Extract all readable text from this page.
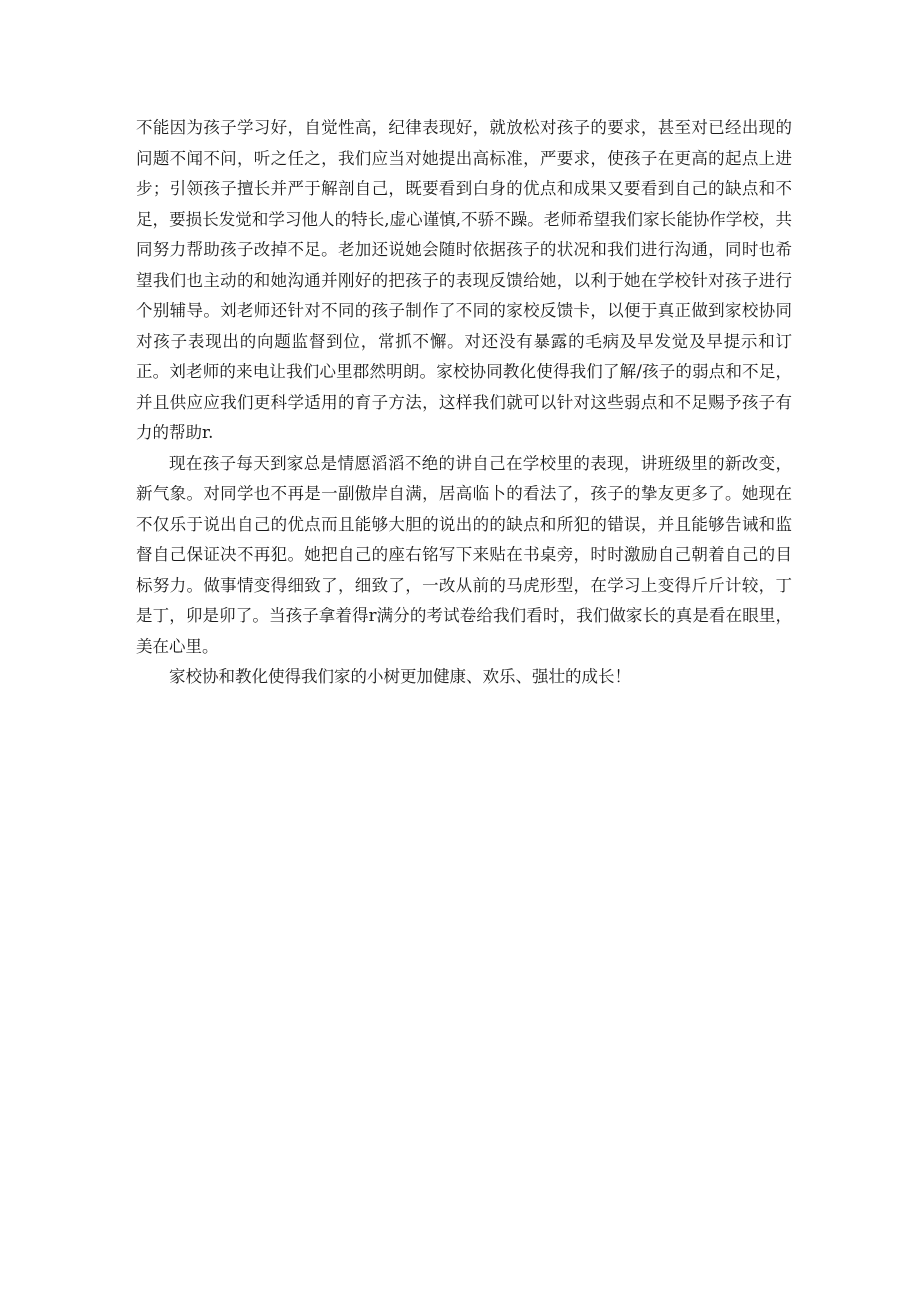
不能因为孩子学习好，自觉性高，纪律表现好，就放松对孩子的要求，甚至对已经出现的问题不闻不问，听之任之，我们应当对她提出高标准，严要求，使孩子在更高的起点上进步；引领孩子擅长并严于解剖自己，既要看到白身的优点和成果又要看到自己的缺点和不足，要损长发觉和学习他人的特长,虚心谨慎,不骄不躁。老师希望我们家长能协作学校，共同努力帮助孩子改掉不足。老加还说她会随时依据孩子的状况和我们进行沟通，同时也希望我们也主动的和她沟通并刚好的把孩子的表现反馈给她，以利于她在学校针对孩子进行个别辅导。刘老师还针对不同的孩子制作了不同的家校反馈卡，以便于真正做到家校协同对孩子表现出的向题监督到位，常抓不懈。对还没有暴露的毛病及早发觉及早提示和订正。刘老师的来电让我们心里郡然明朗。家校协同教化使得我们了解/孩子的弱点和不足，并且供应应我们更科学适用的育子方法，这样我们就可以针对这些弱点和不足赐予孩子有力的帮助r.

现在孩子每天到家总是情愿滔滔不绝的讲自己在学校里的表现，讲班级里的新改变，新气象。对同学也不再是一副傲岸自满，居高临卜的看法了，孩子的挚友更多了。她现在不仅乐于说出自己的优点而且能够大胆的说出的的缺点和所犯的错误，并且能够告诫和监督自己保证决不再犯。她把自己的座右铭写下来贴在书桌旁，时时激励自己朝着自己的目标努力。做事情变得细致了，细致了，一改从前的马虎形型，在学习上变得斤斤计较，丁是丁，卯是卯了。当孩子拿着得r满分的考试卷给我们看时，我们做家长的真是看在眼里，美在心里。

家校协和教化使得我们家的小树更加健康、欢乐、强壮的成长！
